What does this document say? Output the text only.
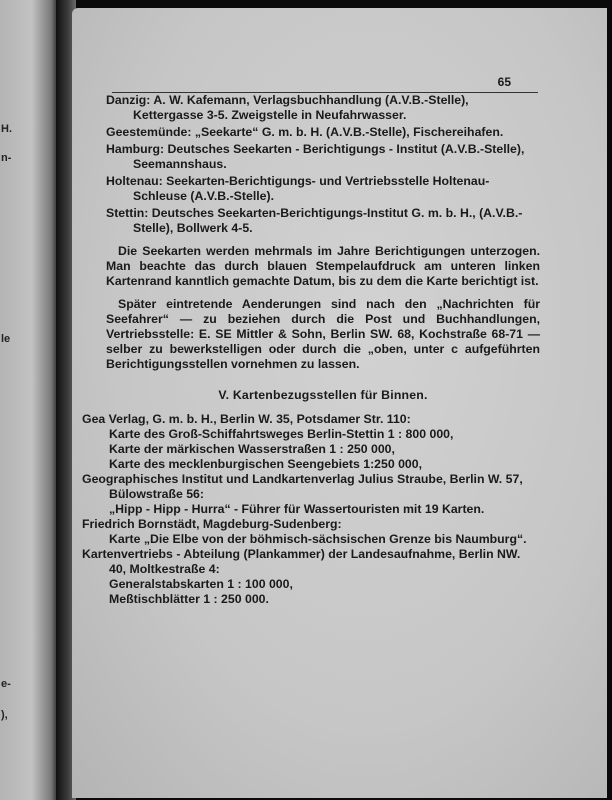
H.
n-
le
e-
),
65
Danzig: A. W. Kafemann, Verlagsbuchhandlung (A.V.B.-Stelle), Kettergasse 3-5. Zweigstelle in Neufahrwasser.
Geestemünde: „Seekarte“ G. m. b. H. (A.V.B.-Stelle), Fischereihafen.
Hamburg: Deutsches Seekarten - Berichtigungs - Institut (A.V.B.-Stelle), Seemannshaus.
Holtenau: Seekarten-Berichtigungs- und Vertriebsstelle Holtenau-Schleuse (A.V.B.-Stelle).
Stettin: Deutsches Seekarten-Berichtigungs-Institut G. m. b. H., (A.V.B.-Stelle), Bollwerk 4-5.

Die Seekarten werden mehrmals im Jahre Berichtigungen unterzogen. Man beachte das durch blauen Stempelaufdruck am unteren linken Kartenrand kanntlich gemachte Datum, bis zu dem die Karte berichtigt ist.

Später eintretende Aenderungen sind nach den „Nachrichten für Seefahrer“ — zu beziehen durch die Post und Buchhandlungen, Vertriebsstelle: E. SE Mittler & Sohn, Berlin SW. 68, Kochstraße 68-71 — selber zu bewerkstelligen oder durch die „oben, unter c aufgeführten Berichtigungsstellen vornehmen zu lassen.

V. Kartenbezugsstellen für Binnen.
Gea Verlag, G. m. b. H., Berlin W. 35, Potsdamer Str. 110:
Karte des Groß-Schiffahrtsweges Berlin-Stettin 1 : 800 000,
Karte der märkischen Wasserstraßen 1 : 250 000,
Karte des mecklenburgischen Seengebiets 1:250 000,
Geographisches Institut und Landkartenverlag Julius Straube, Berlin W. 57, Bülowstraße 56:
„Hipp - Hipp - Hurra“ - Führer für Wassertouristen mit 19 Karten.
Friedrich Bornstädt, Magdeburg-Sudenberg:
Karte „Die Elbe von der böhmisch-sächsischen Grenze bis Naumburg“.
Kartenvertriebs - Abteilung (Plankammer) der Landesaufnahme, Berlin NW. 40, Moltkestraße 4:
Generalstabskarten 1 : 100 000,
Meßtischblätter 1 : 250 000.
